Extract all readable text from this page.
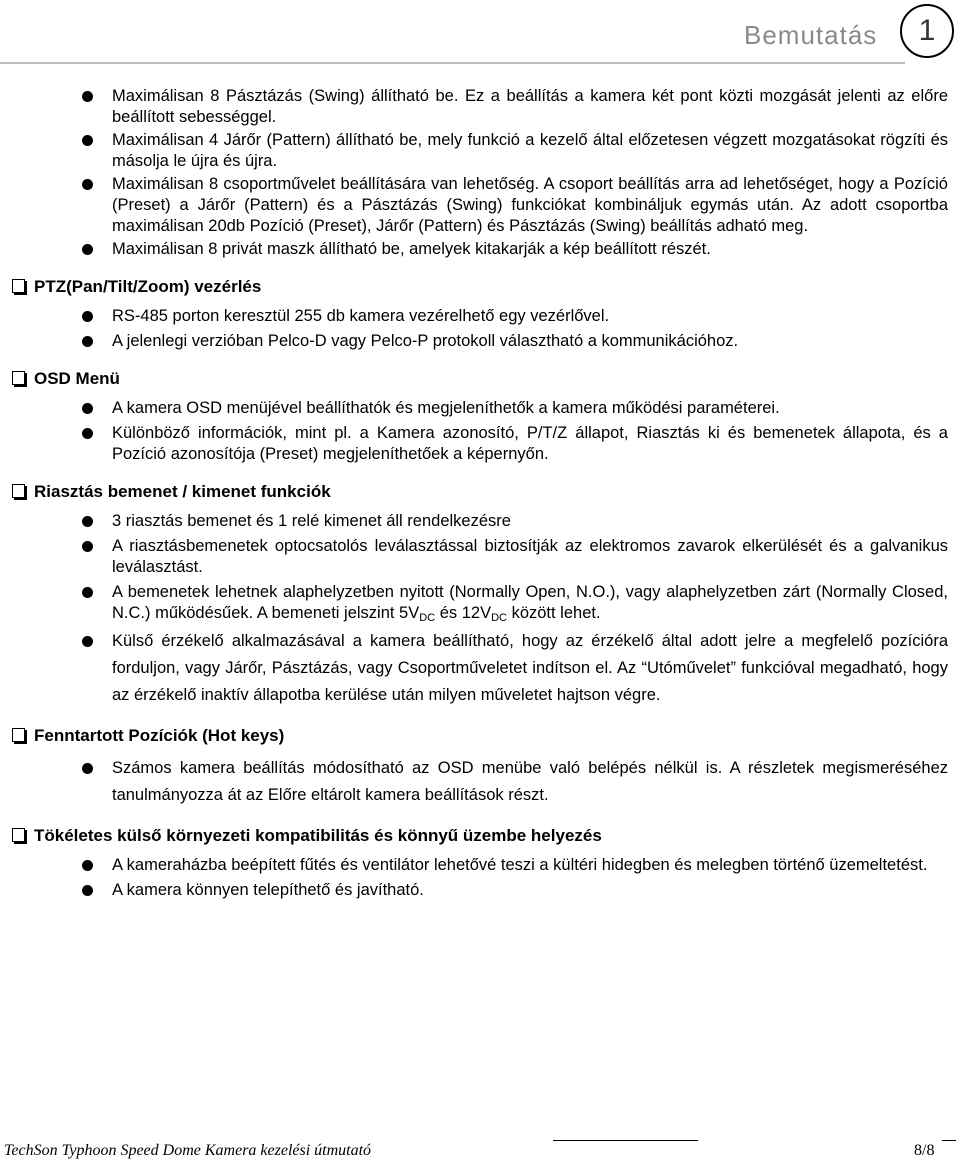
Bemutatás	1
Maximálisan 8 Pásztázás (Swing) állítható be. Ez a beállítás a kamera két pont közti mozgását jelenti az előre beállított sebességgel.
Maximálisan 4 Járőr (Pattern) állítható be, mely funkció a kezelő által előzetesen végzett mozgatásokat rögzíti és másolja le újra és újra.
Maximálisan 8 csoportművelet beállítására van lehetőség. A csoport beállítás arra ad lehetőséget, hogy a Pozíció (Preset) a Járőr (Pattern) és a Pásztázás (Swing) funkciókat kombináljuk egymás után. Az adott csoportba maximálisan 20db Pozíció (Preset), Járőr (Pattern) és Pásztázás (Swing) beállítás adható meg.
Maximálisan 8 privát maszk állítható be, amelyek kitakarják a kép beállított részét.
PTZ(Pan/Tilt/Zoom) vezérlés
RS-485 porton keresztül 255 db kamera vezérelhető egy vezérlővel.
A jelenlegi verzióban Pelco-D vagy Pelco-P protokoll választható a kommunikációhoz.
OSD Menü
A kamera OSD menüjével beállíthatók és megjeleníthetők a kamera működési paraméterei.
Különböző információk, mint pl. a Kamera azonosító, P/T/Z állapot, Riasztás ki és bemenetek állapota, és a Pozíció azonosítója (Preset) megjeleníthetőek a képernyőn.
Riasztás bemenet / kimenet funkciók
3 riasztás bemenet és 1 relé kimenet áll rendelkezésre
A riasztásbemenetek optocsatolós leválasztással biztosítják az elektromos zavarok elkerülését és a galvanikus leválasztást.
A bemenetek lehetnek alaphelyzetben nyitott (Normally Open, N.O.), vagy alaphelyzetben zárt (Normally Closed, N.C.) működésűek. A bemeneti jelszint $5V_{DC}$ és $12V_{DC}$ között lehet.
Külső érzékelő alkalmazásával a kamera beállítható, hogy az érzékelő által adott jelre a megfelelő pozícióra forduljon, vagy Járőr, Pásztázás, vagy Csoportműveletet indítson el. Az “Utóművelet” funkcióval megadható, hogy az érzékelő inaktív állapotba kerülése után milyen műveletet hajtson végre.
Fenntartott Pozíciók (Hot keys)
Számos kamera beállítás módosítható az OSD menübe való belépés nélkül is. A részletek megismeréséhez tanulmányozza át az Előre eltárolt kamera beállítások részt.
Tökéletes külső környezeti kompatibilitás és könnyű üzembe helyezés
A kameraházba beépített fűtés és ventilátor lehetővé teszi a kültéri hidegben és melegben történő üzemeltetést.
A kamera könnyen telepíthető és javítható.
TechSon Typhoon Speed Dome Kamera kezelési útmutató	8/8
